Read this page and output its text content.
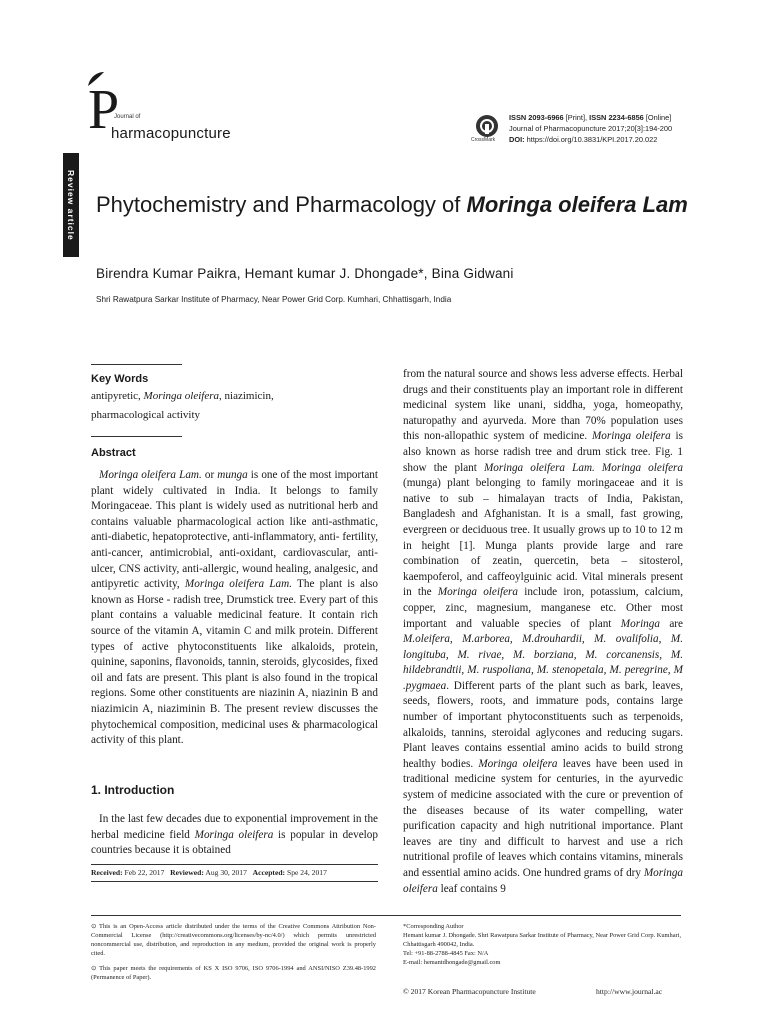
Review article
P
Journal of
harmacopuncture	CrossMark
ISSN 2093-6966 [Print], ISSN 2234-6856 [Online]
Journal of Pharmacopuncture 2017;20[3]:194-200
DOI: https://doi.org/10.3831/KPI.2017.20.022
Phytochemistry and Pharmacology of Moringa oleifera Lam
Birendra Kumar Paikra, Hemant kumar J. Dhongade*, Bina Gidwani
Shri Rawatpura Sarkar Institute of Pharmacy, Near Power Grid Corp. Kumhari, Chhattisgarh, India
Key Words
antipyretic, Moringa oleifera, niazimicin,
pharmacological activity
Abstract
Moringa oleifera Lam. or munga is one of the most important plant widely cultivated in India. It belongs to family Moringaceae. This plant is widely used as nutritional herb and contains valuable pharmacological action like anti-asthmatic, anti-diabetic, hepatoprotective, anti-inflammatory, anti- fertility, anti-cancer, antimicrobial, anti-oxidant, cardiovascular, anti-ulcer, CNS activity, anti-allergic, wound healing, analgesic, and antipyretic activity, Moringa oleifera Lam. The plant is also known as Horse - radish tree, Drumstick tree. Every part of this plant contains a valuable medicinal feature. It contain rich source of the vitamin A, vitamin C and milk protein. Different types of active phytoconstituents like alkaloids, protein, quinine, saponins, flavonoids, tannin, steroids, glycosides, fixed oil and fats are present. This plant is also found in the tropical regions. Some other constituents are niazinin A, niazinin B and niazimicin A, niaziminin B. The present review discusses the phytochemical composition, medicinal uses & pharmacological activity of this plant.
1. Introduction
In the last few decades due to exponential improvement in the herbal medicine field Moringa oleifera is popular in develop countries because it is obtained
from the natural source and shows less adverse effects. Herbal drugs and their constituents play an important role in different medicinal system like unani, siddha, yoga, homeopathy, naturopathy and ayurveda. More than 70% population uses this non-allopathic system of medicine. Moringa oleifera is also known as horse radish tree and drum stick tree. Fig. 1 show the plant Moringa oleifera Lam. Moringa oleifera (munga) plant belonging to family moringaceae and it is native to sub – himalayan tracts of India, Pakistan, Bangladesh and Afghanistan. It is a small, fast growing, evergreen or deciduous tree. It usually grows up to 10 to 12 m in height [1]. Munga plants provide large and rare combination of zeatin, quercetin, beta – sitosterol, kaempoferol, and caffeoylguinic acid. Vital minerals present in the Moringa oleifera include iron, potassium, calcium, copper, zinc, magnesium, manganese etc. Other most important and valuable species of plant Moringa are M.oleifera, M.arborea, M.drouhardii, M. ovalifolia, M. longituba, M. rivae, M. borziana, M. corcanensis, M. hildebrandtii, M. ruspoliana, M. stenopetala, M. peregrine, M .pygmaea. Different parts of the plant such as bark, leaves, seeds, flowers, roots, and immature pods, contains large number of important phytoconstituents such as terpenoids, alkaloids, tannins, steroidal aglycones and reducing sugars. Plant leaves contains essential amino acids to build strong healthy bodies. Moringa oleifera leaves have been used in traditional medicine system for centuries, in the ayurvedic system of medicine associated with the cure or prevention of the diseases because of its water compelling, water purification capacity and high nutritional importance. Plant leaves are tiny and difficult to harvest and use a rich nutritional profile of leaves which contains vitamins, minerals and essential amino acids. One hundred grams of dry Moringa oleifera leaf contains 9
Received: Feb 22, 2017 Reviewed: Aug 30, 2017 Accepted: Spe 24, 2017
⊙ This is an Open-Access article distributed under the terms of the Creative Commons Attribution Non-Commercial License (http://creativecommons.org/licenses/by-nc/4.0/) which permits unrestricted noncommercial use, distribution, and reproduction in any medium, provided the original work is properly cited.
⊙ This paper meets the requirements of KS X ISO 9706, ISO 9706-1994 and ANSI/NISO Z39.48-1992 (Permanence of Paper).
*Corresponding Author
Hemant kumar J. Dhongade. Shri Rawatpura Sarkar Institute of Pharmacy, Near Power Grid Corp. Kumhari, Chhattisgarh 490042, India.
Tel: +91-88-2788-4845 Fax: N/A
E-mail: hemantdhongade@gmail.com
© 2017 Korean Pharmacopuncture Institute	http://www.journal.ac
